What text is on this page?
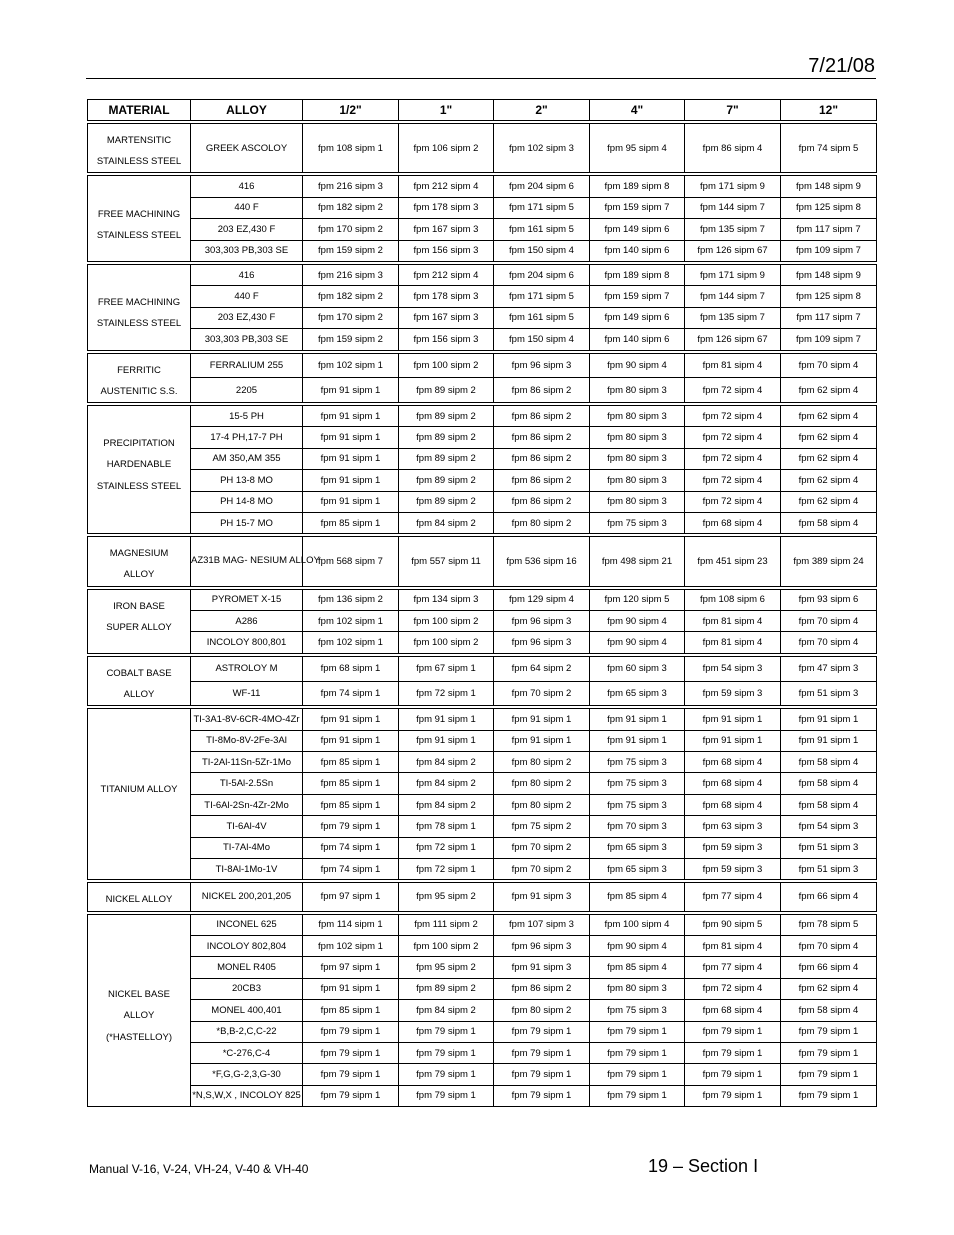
7/21/08
MATERIAL	ALLOY	1/2"	1"	2"	4"	7"	12"

MARTENSITIC
STAINLESS STEEL	GREEK ASCOLOY	fpm 108 sipm 1	fpm 106 sipm 2	fpm 102 sipm 3	fpm 95 sipm 4	fpm 86 sipm 4	fpm 74 sipm 5

FREE MACHINING
STAINLESS STEEL	416	fpm 216 sipm 3	fpm 212 sipm 4	fpm 204 sipm 6	fpm 189 sipm 8	fpm 171 sipm 9	fpm 148 sipm 9
	440 F	fpm 182 sipm 2	fpm 178 sipm 3	fpm 171 sipm 5	fpm 159 sipm 7	fpm 144 sipm 7	fpm 125 sipm 8
	203 EZ,430 F	fpm 170 sipm 2	fpm 167 sipm 3	fpm 161 sipm 5	fpm 149 sipm 6	fpm 135 sipm 7	fpm 117 sipm 7
	303,303 PB,303 SE	fpm 159 sipm 2	fpm 156 sipm 3	fpm 150 sipm 4	fpm 140 sipm 6	fpm 126 sipm 67	fpm 109 sipm 7

FREE MACHINING
STAINLESS STEEL	416	fpm 216 sipm 3	fpm 212 sipm 4	fpm 204 sipm 6	fpm 189 sipm 8	fpm 171 sipm 9	fpm 148 sipm 9
	440 F	fpm 182 sipm 2	fpm 178 sipm 3	fpm 171 sipm 5	fpm 159 sipm 7	fpm 144 sipm 7	fpm 125 sipm 8
	203 EZ,430 F	fpm 170 sipm 2	fpm 167 sipm 3	fpm 161 sipm 5	fpm 149 sipm 6	fpm 135 sipm 7	fpm 117 sipm 7
	303,303 PB,303 SE	fpm 159 sipm 2	fpm 156 sipm 3	fpm 150 sipm 4	fpm 140 sipm 6	fpm 126 sipm 67	fpm 109 sipm 7

FERRITIC
AUSTENITIC S.S.	FERRALIUM 255	fpm 102 sipm 1	fpm 100 sipm 2	fpm 96 sipm 3	fpm 90 sipm 4	fpm 81 sipm 4	fpm 70 sipm 4
	2205	fpm 91 sipm 1	fpm 89 sipm 2	fpm 86 sipm 2	fpm 80 sipm 3	fpm 72 sipm 4	fpm 62 sipm 4

PRECIPITATION
HARDENABLE
STAINLESS STEEL	15-5 PH	fpm 91 sipm 1	fpm 89 sipm 2	fpm 86 sipm 2	fpm 80 sipm 3	fpm 72 sipm 4	fpm 62 sipm 4
	17-4 PH,17-7 PH	fpm 91 sipm 1	fpm 89 sipm 2	fpm 86 sipm 2	fpm 80 sipm 3	fpm 72 sipm 4	fpm 62 sipm 4
	AM 350,AM 355	fpm 91 sipm 1	fpm 89 sipm 2	fpm 86 sipm 2	fpm 80 sipm 3	fpm 72 sipm 4	fpm 62 sipm 4
	PH 13-8 MO	fpm 91 sipm 1	fpm 89 sipm 2	fpm 86 sipm 2	fpm 80 sipm 3	fpm 72 sipm 4	fpm 62 sipm 4
	PH 14-8 MO	fpm 91 sipm 1	fpm 89 sipm 2	fpm 86 sipm 2	fpm 80 sipm 3	fpm 72 sipm 4	fpm 62 sipm 4
	PH 15-7 MO	fpm 85 sipm 1	fpm 84 sipm 2	fpm 80 sipm 2	fpm 75 sipm 3	fpm 68 sipm 4	fpm 58 sipm 4

MAGNESIUM
ALLOY	AZ31B MAG- NESIUM ALLOY	fpm 568 sipm 7	fpm 557 sipm 11	fpm 536 sipm 16	fpm 498 sipm 21	fpm 451 sipm 23	fpm 389 sipm 24

IRON BASE
SUPER ALLOY	PYROMET X-15	fpm 136 sipm 2	fpm 134 sipm 3	fpm 129 sipm 4	fpm 120 sipm 5	fpm 108 sipm 6	fpm 93 sipm 6
	A286	fpm 102 sipm 1	fpm 100 sipm 2	fpm 96 sipm 3	fpm 90 sipm 4	fpm 81 sipm 4	fpm 70 sipm 4
	INCOLOY 800,801	fpm 102 sipm 1	fpm 100 sipm 2	fpm 96 sipm 3	fpm 90 sipm 4	fpm 81 sipm 4	fpm 70 sipm 4

COBALT BASE
ALLOY	ASTROLOY M	fpm 68 sipm 1	fpm 67 sipm 1	fpm 64 sipm 2	fpm 60 sipm 3	fpm 54 sipm 3	fpm 47 sipm 3
	WF-11	fpm 74 sipm 1	fpm 72 sipm 1	fpm 70 sipm 2	fpm 65 sipm 3	fpm 59 sipm 3	fpm 51 sipm 3

TITANIUM ALLOY	TI-3A1-8V-6CR-4MO-4Zr	fpm 91 sipm 1	fpm 91 sipm 1	fpm 91 sipm 1	fpm 91 sipm 1	fpm 91 sipm 1	fpm 91 sipm 1
	TI-8Mo-8V-2Fe-3Al	fpm 91 sipm 1	fpm 91 sipm 1	fpm 91 sipm 1	fpm 91 sipm 1	fpm 91 sipm 1	fpm 91 sipm 1
	TI-2Al-11Sn-5Zr-1Mo	fpm 85 sipm 1	fpm 84 sipm 2	fpm 80 sipm 2	fpm 75 sipm 3	fpm 68 sipm 4	fpm 58 sipm 4
	TI-5Al-2.5Sn	fpm 85 sipm 1	fpm 84 sipm 2	fpm 80 sipm 2	fpm 75 sipm 3	fpm 68 sipm 4	fpm 58 sipm 4
	TI-6Al-2Sn-4Zr-2Mo	fpm 85 sipm 1	fpm 84 sipm 2	fpm 80 sipm 2	fpm 75 sipm 3	fpm 68 sipm 4	fpm 58 sipm 4
	TI-6Al-4V	fpm 79 sipm 1	fpm 78 sipm 1	fpm 75 sipm 2	fpm 70 sipm 3	fpm 63 sipm 3	fpm 54 sipm 3
	TI-7Al-4Mo	fpm 74 sipm 1	fpm 72 sipm 1	fpm 70 sipm 2	fpm 65 sipm 3	fpm 59 sipm 3	fpm 51 sipm 3
	TI-8Al-1Mo-1V	fpm 74 sipm 1	fpm 72 sipm 1	fpm 70 sipm 2	fpm 65 sipm 3	fpm 59 sipm 3	fpm 51 sipm 3

NICKEL ALLOY	NICKEL 200,201,205	fpm 97 sipm 1	fpm 95 sipm 2	fpm 91 sipm 3	fpm 85 sipm 4	fpm 77 sipm 4	fpm 66 sipm 4

NICKEL BASE
ALLOY
(*HASTELLOY)	INCONEL 625	fpm 114 sipm 1	fpm 111 sipm 2	fpm 107 sipm 3	fpm 100 sipm 4	fpm 90 sipm 5	fpm 78 sipm 5
	INCOLOY 802,804	fpm 102 sipm 1	fpm 100 sipm 2	fpm 96 sipm 3	fpm 90 sipm 4	fpm 81 sipm 4	fpm 70 sipm 4
	MONEL R405	fpm 97 sipm 1	fpm 95 sipm 2	fpm 91 sipm 3	fpm 85 sipm 4	fpm 77 sipm 4	fpm 66 sipm 4
	20CB3	fpm 91 sipm 1	fpm 89 sipm 2	fpm 86 sipm 2	fpm 80 sipm 3	fpm 72 sipm 4	fpm 62 sipm 4
	MONEL 400,401	fpm 85 sipm 1	fpm 84 sipm 2	fpm 80 sipm 2	fpm 75 sipm 3	fpm 68 sipm 4	fpm 58 sipm 4
	*B,B-2,C,C-22	fpm 79 sipm 1	fpm 79 sipm 1	fpm 79 sipm 1	fpm 79 sipm 1	fpm 79 sipm 1	fpm 79 sipm 1
	*C-276,C-4	fpm 79 sipm 1	fpm 79 sipm 1	fpm 79 sipm 1	fpm 79 sipm 1	fpm 79 sipm 1	fpm 79 sipm 1
	*F,G,G-2,3,G-30	fpm 79 sipm 1	fpm 79 sipm 1	fpm 79 sipm 1	fpm 79 sipm 1	fpm 79 sipm 1	fpm 79 sipm 1
	*N,S,W,X , INCOLOY 825	fpm 79 sipm 1	fpm 79 sipm 1	fpm 79 sipm 1	fpm 79 sipm 1	fpm 79 sipm 1	fpm 79 sipm 1
Manual V-16, V-24, VH-24, V-40 & VH-40	19 – Section I
